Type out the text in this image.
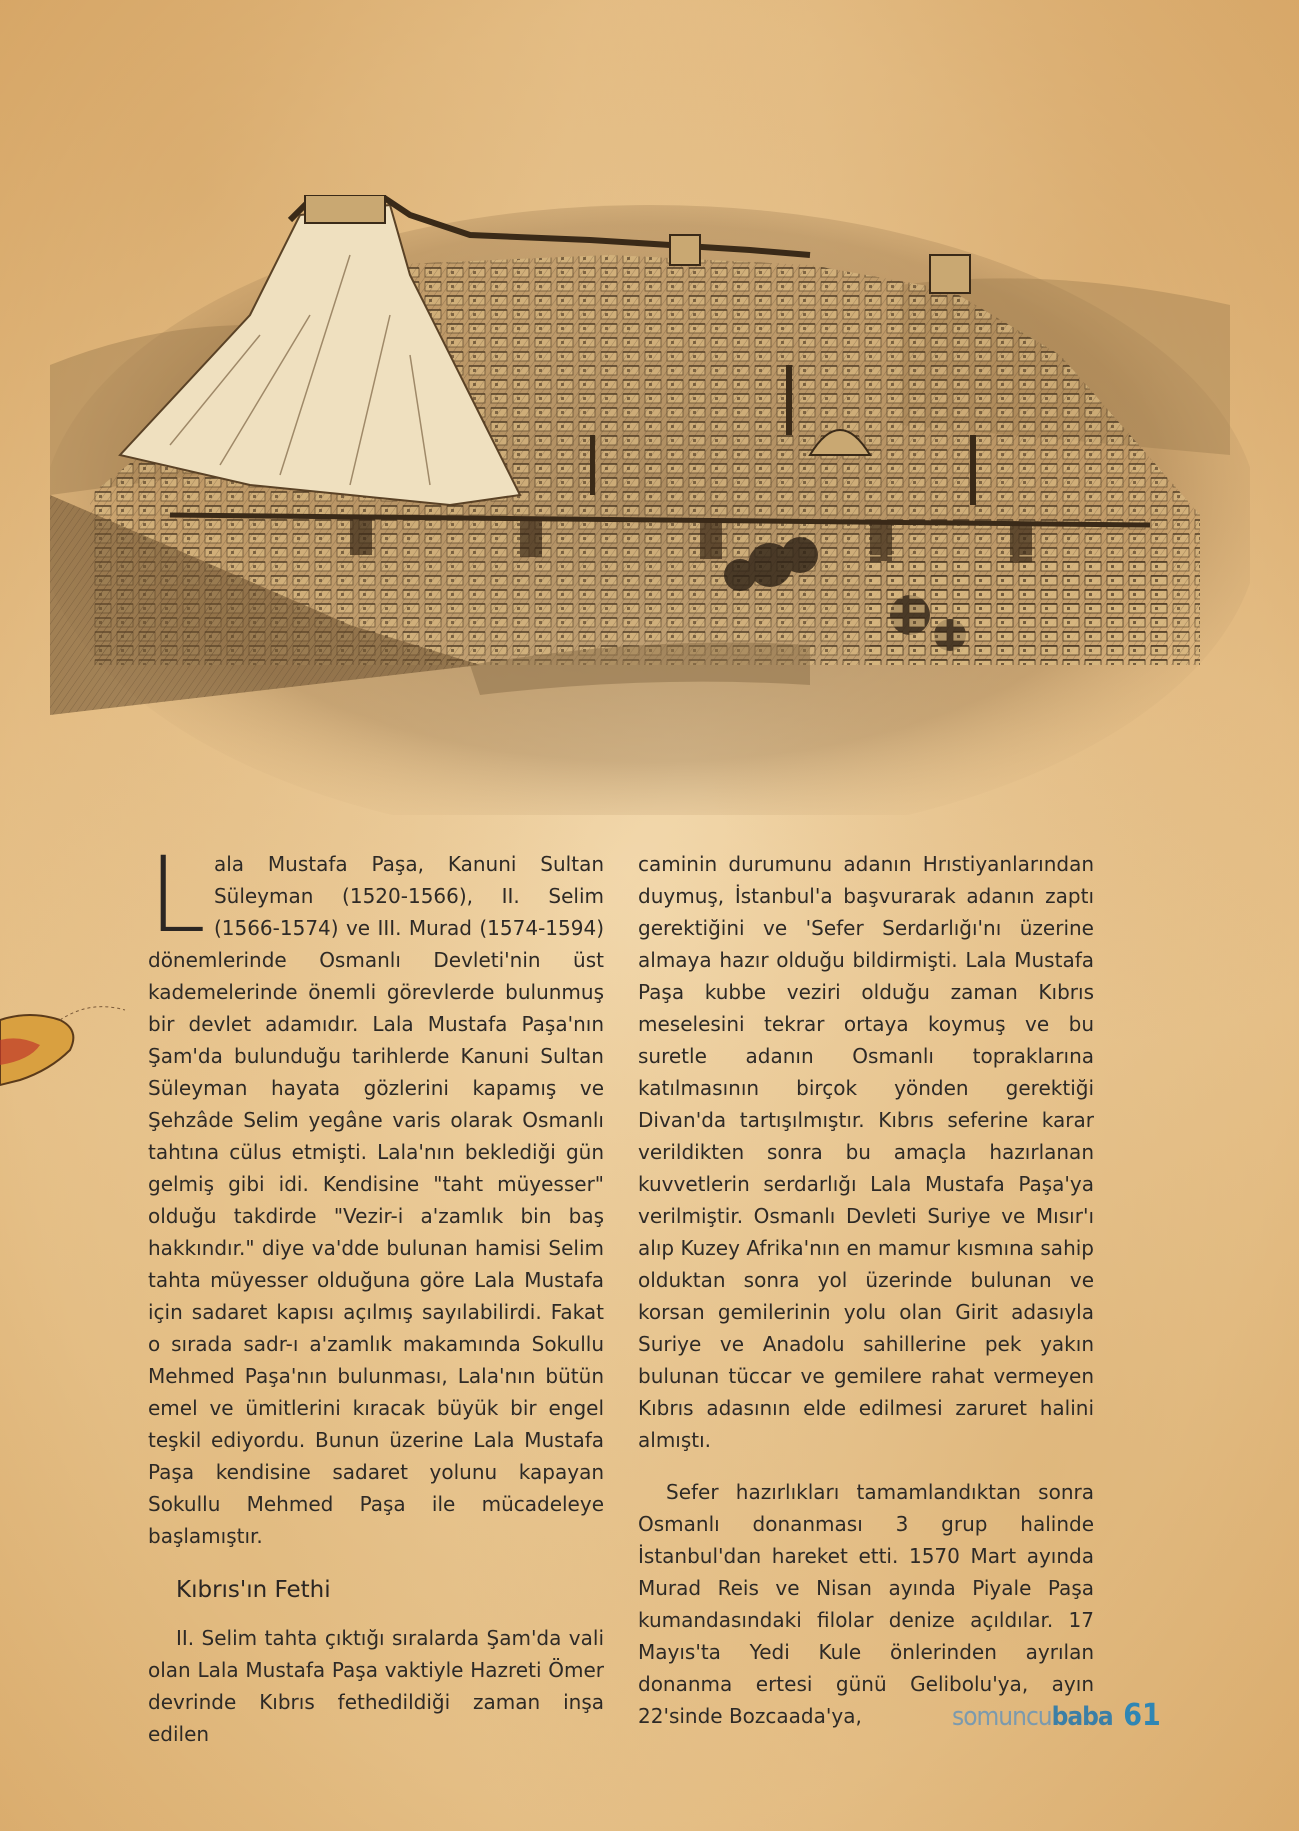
Lala Mustafa Paşa, Kanuni Sultan Süleyman (1520-1566), II. Selim (1566-1574) ve III. Murad (1574-1594) dönemlerinde Osmanlı Devleti'nin üst kademelerinde önemli görevlerde bulunmuş bir devlet adamıdır. Lala Mustafa Paşa'nın Şam'da bulunduğu tarihlerde Kanuni Sultan Süleyman hayata gözlerini kapamış ve Şehzâde Selim yegâne varis olarak Osmanlı tahtına cülus etmişti. Lala'nın beklediği gün gelmiş gibi idi. Kendisine "taht müyesser" olduğu takdirde "Vezir-i a'zamlık bin baş hakkındır." diye va'dde bulunan hamisi Selim tahta müyesser olduğuna göre Lala Mustafa için sadaret kapısı açılmış sayılabilirdi. Fakat o sırada sadr-ı a'zamlık makamında Sokullu Mehmed Paşa'nın bulunması, Lala'nın bütün emel ve ümitlerini kıracak büyük bir engel teşkil ediyordu. Bunun üzerine Lala Mustafa Paşa kendisine sadaret yolunu kapayan Sokullu Mehmed Paşa ile mücadeleye başlamıştır.

Kıbrıs'ın Fethi

II. Selim tahta çıktığı sıralarda Şam'da vali olan Lala Mustafa Paşa vaktiyle Hazreti Ömer devrinde Kıbrıs fethedildiği zaman inşa edilen

caminin durumunu adanın Hrıstiyanlarından duymuş, İstanbul'a başvurarak adanın zaptı gerektiğini ve 'Sefer Serdarlığı'nı üzerine almaya hazır olduğu bildirmişti. Lala Mustafa Paşa kubbe veziri olduğu zaman Kıbrıs meselesini tekrar ortaya koymuş ve bu suretle adanın Osmanlı topraklarına katılmasının birçok yönden gerektiği Divan'da tartışılmıştır. Kıbrıs seferine karar verildikten sonra bu amaçla hazırlanan kuvvetlerin serdarlığı Lala Mustafa Paşa'ya verilmiştir. Osmanlı Devleti Suriye ve Mısır'ı alıp Kuzey Afrika'nın en mamur kısmına sahip olduktan sonra yol üzerinde bulunan ve korsan gemilerinin yolu olan Girit adasıyla Suriye ve Anadolu sahillerine pek yakın bulunan tüccar ve gemilere rahat vermeyen Kıbrıs adasının elde edilmesi zaruret halini almıştı.

Sefer hazırlıkları tamamlandıktan sonra Osmanlı donanması 3 grup halinde İstanbul'dan hareket etti. 1570 Mart ayında Murad Reis ve Nisan ayında Piyale Paşa kumandasındaki filolar denize açıldılar. 17 Mayıs'ta Yedi Kule önlerinden ayrılan donanma ertesi günü Gelibolu'ya, ayın 22'sinde Bozcaada'ya,	somuncubaba 61
